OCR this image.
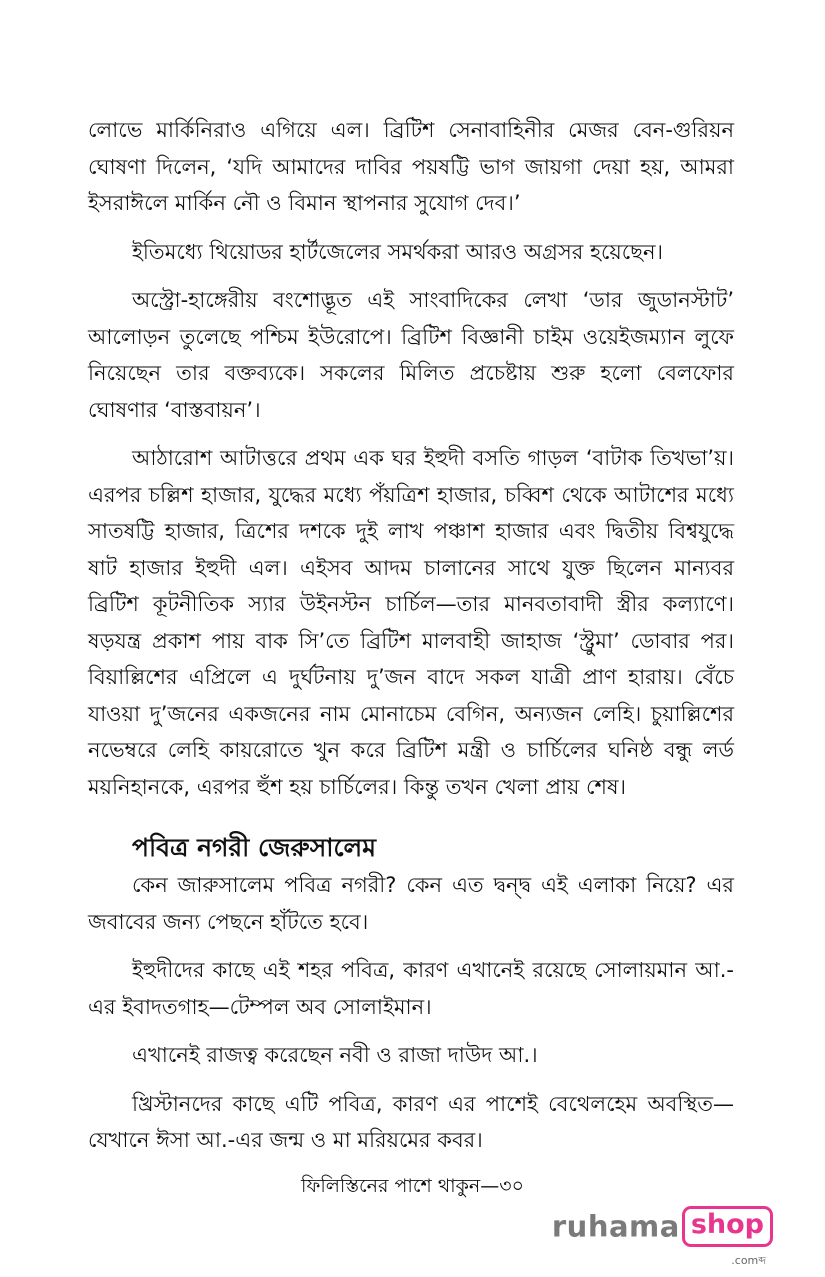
লোভে মার্কিনিরাও এগিয়ে এল। ব্রিটিশ সেনাবাহিনীর মেজর বেন-গুরিয়ন ঘোষণা দিলেন, ‘যদি আমাদের দাবির পয়ষট্টি ভাগ জায়গা দেয়া হয়, আমরা ইসরাঈলে মার্কিন নৌ ও বিমান স্থাপনার সুযোগ দেব।’

ইতিমধ্যে থিয়োডর হার্টজেলের সমর্থকরা আরও অগ্রসর হয়েছেন।

অস্ট্রো-হাঙ্গেরীয় বংশোদ্ভূত এই সাংবাদিকের লেখা ‘ডার জুডানস্টাট’ আলোড়ন তুলেছে পশ্চিম ইউরোপে। ব্রিটিশ বিজ্ঞানী চাইম ওয়েইজম্যান লুফে নিয়েছেন তার বক্তব্যকে। সকলের মিলিত প্রচেষ্টায় শুরু হলো বেলফোর ঘোষণার ‘বাস্তবায়ন’।

আঠারোশ আটাত্তরে প্রথম এক ঘর ইহুদী বসতি গাড়ল ‘বাটাক তিখভা’য়। এরপর চল্লিশ হাজার, যুদ্ধের মধ্যে পঁয়ত্রিশ হাজার, চব্বিশ থেকে আটাশের মধ্যে সাতষট্টি হাজার, ত্রিশের দশকে দুই লাখ পঞ্চাশ হাজার এবং দ্বিতীয় বিশ্বযুদ্ধে ষাট হাজার ইহুদী এল। এইসব আদম চালানের সাথে যুক্ত ছিলেন মান্যবর ব্রিটিশ কূটনীতিক স্যার উইনস্টন চার্চিল—তার মানবতাবাদী স্ত্রীর কল্যাণে। ষড়যন্ত্র প্রকাশ পায় বাক সি’তে ব্রিটিশ মালবাহী জাহাজ ‘স্ট্রুমা’ ডোবার পর। বিয়াল্লিশের এপ্রিলে এ দুর্ঘটনায় দু’জন বাদে সকল যাত্রী প্রাণ হারায়। বেঁচে যাওয়া দু’জনের একজনের নাম মোনাচেম বেগিন, অন্যজন লেহি। চুয়াল্লিশের নভেম্বরে লেহি কায়রোতে খুন করে ব্রিটিশ মন্ত্রী ও চার্চিলের ঘনিষ্ঠ বন্ধু লর্ড ময়নিহানকে, এরপর হুঁশ হয় চার্চিলের। কিন্তু তখন খেলা প্রায় শেষ।

পবিত্র নগরী জেরুসালেম

কেন জারুসালেম পবিত্র নগরী? কেন এত দ্বন্দ্ব এই এলাকা নিয়ে? এর জবাবের জন্য পেছনে হাঁটতে হবে।

ইহুদীদের কাছে এই শহর পবিত্র, কারণ এখানেই রয়েছে সোলায়মান আ.-এর ইবাদতগাহ—টেম্পল অব সোলাইমান।

এখানেই রাজত্ব করেছেন নবী ও রাজা দাউদ আ.।

খ্রিস্টানদের কাছে এটি পবিত্র, কারণ এর পাশেই বেথেলহেম অবস্থিত—যেখানে ঈসা আ.-এর জন্ম ও মা মরিয়মের কবর।

ফিলিস্তিনের পাশে থাকুন—৩০
ruhama shop
.comব্দ
